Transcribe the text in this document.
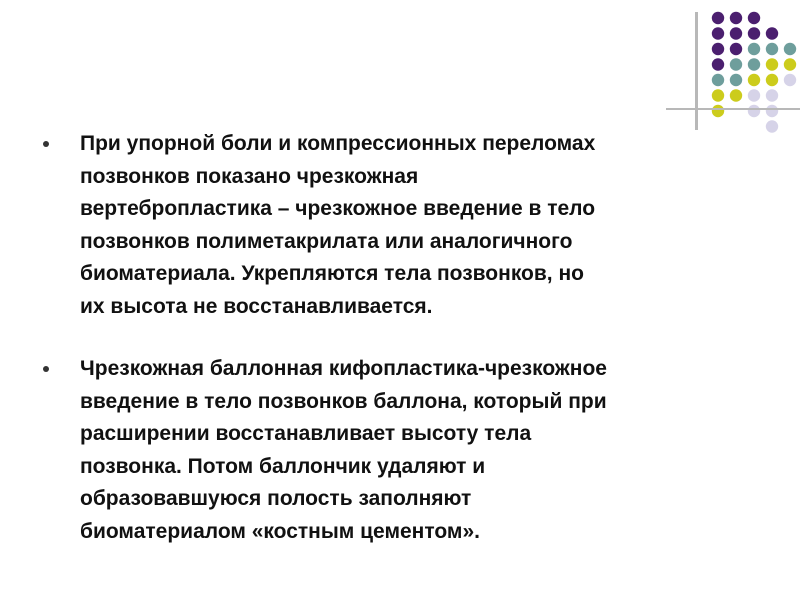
При упорной боли и компрессионных переломах
позвонков показано чрезкожная
вертебропластика – чрезкожное введение в тело
позвонков полиметакрилата или аналогичного
биоматериала. Укрепляются тела позвонков, но
их высота не восстанавливается.
Чрезкожная баллонная кифопластика-чрезкожное
введение в тело позвонков баллона, который при
расширении восстанавливает высоту тела
позвонка. Потом баллончик удаляют и
образовавшуюся полость заполняют
биоматериалом «костным цементом».
